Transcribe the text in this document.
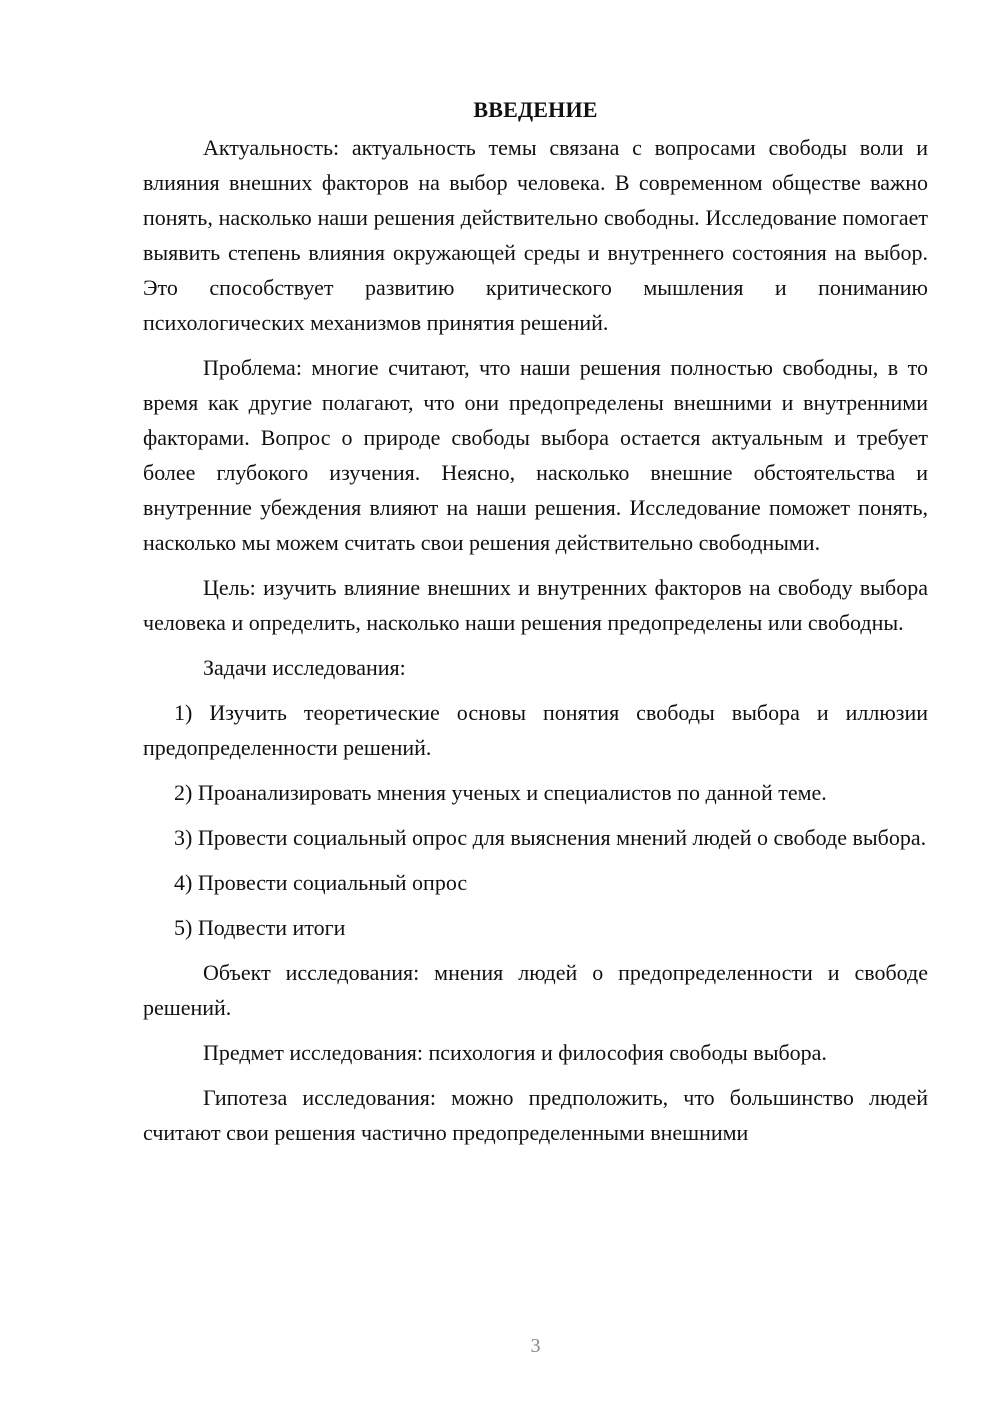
ВВЕДЕНИЕ

Актуальность: актуальность темы связана с вопросами свободы воли и влияния внешних факторов на выбор человека. В современном обществе важно понять, насколько наши решения действительно свободны. Исследование помогает выявить степень влияния окружающей среды и внутреннего состояния на выбор. Это способствует развитию критического мышления и пониманию психологических механизмов принятия решений.

Проблема: многие считают, что наши решения полностью свободны, в то время как другие полагают, что они предопределены внешними и внутренними факторами. Вопрос о природе свободы выбора остается актуальным и требует более глубокого изучения. Неясно, насколько внешние обстоятельства и внутренние убеждения влияют на наши решения. Исследование поможет понять, насколько мы можем считать свои решения действительно свободными.

Цель: изучить влияние внешних и внутренних факторов на свободу выбора человека и определить, насколько наши решения предопределены или свободны.

Задачи исследования:

1) Изучить теоретические основы понятия свободы выбора и иллюзии предопределенности решений.

2) Проанализировать мнения ученых и специалистов по данной теме.

3) Провести социальный опрос для выяснения мнений людей о свободе выбора.

4) Провести социальный опрос

5) Подвести итоги

Объект исследования: мнения людей о предопределенности и свободе решений.

Предмет исследования: психология и философия свободы выбора.

Гипотеза исследования: можно предположить, что большинство людей считают свои решения частично предопределенными внешними

3
